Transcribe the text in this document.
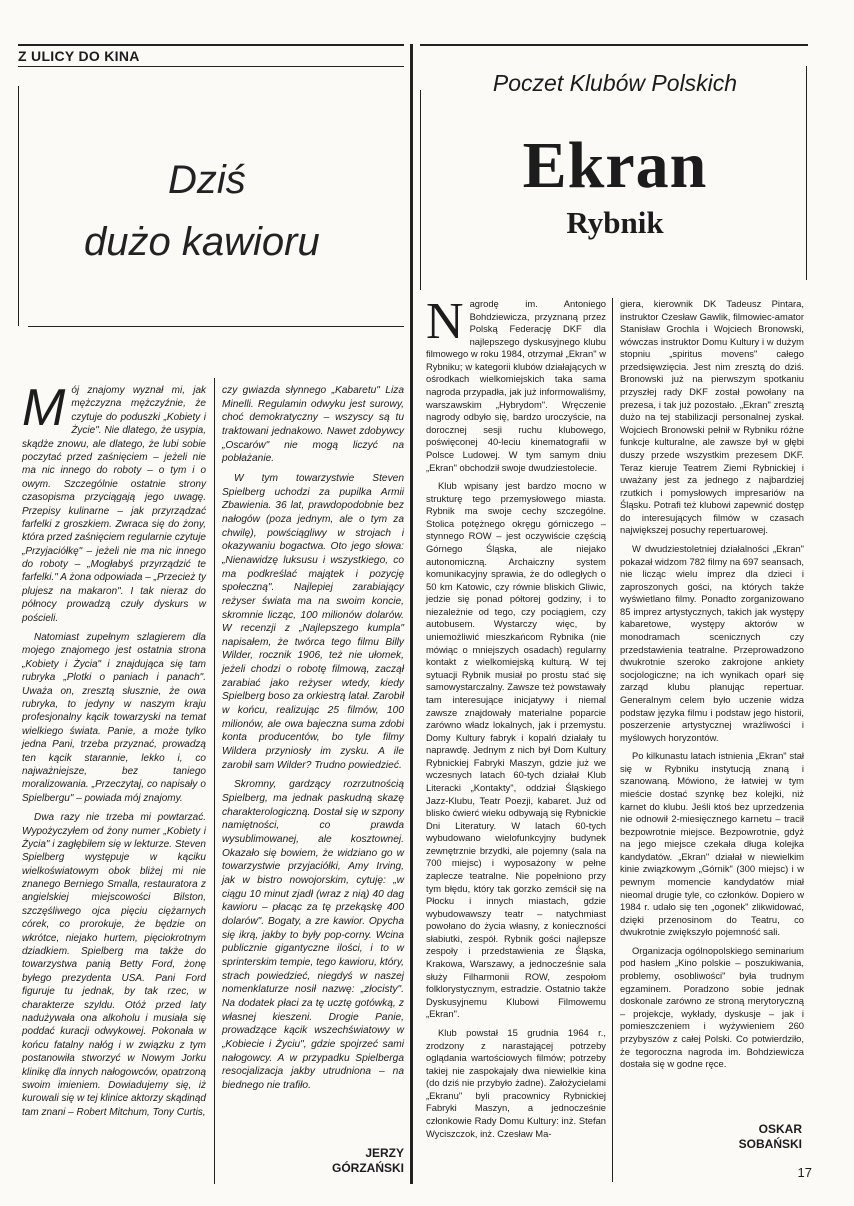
Z ULICY DO KINA
Dziś
dużo kawioru
Poczet Klubów Polskich
Ekran
Rybnik

Mój znajomy wyznał mi, jak mężczyzna mężczyźnie, że czytuje do poduszki „Kobiety i Życie". Nie dlatego, że usypia, skądże znowu, ale dlatego, że lubi sobie poczytać przed zaśnięciem – jeżeli nie ma nic innego do roboty – o tym i o owym. Szczególnie ostatnie strony czasopisma przyciągają jego uwagę. Przepisy kulinarne – jak przyrządzać farfelki z groszkiem. Zwraca się do żony, która przed zaśnięciem regularnie czytuje „Przyjaciółkę" – jeżeli nie ma nic innego do roboty – „Mogłabyś przyrządzić te farfelki." A żona odpowiada – „Przecież ty plujesz na makaron". I tak nieraz do północy prowadzą czuły dyskurs w pościeli.

Natomiast zupełnym szlagierem dla mojego znajomego jest ostatnia strona „Kobiety i Życia" i znajdująca się tam rubryka „Plotki o paniach i panach". Uważa on, zresztą słusznie, że owa rubryka, to jedyny w naszym kraju profesjonalny kącik towarzyski na temat wielkiego świata. Panie, a może tylko jedna Pani, trzeba przyznać, prowadzą ten kącik starannie, lekko i, co najważniejsze, bez taniego moralizowania. „Przeczytaj, co napisały o Spielbergu" – powiada mój znajomy.

Dwa razy nie trzeba mi powtarzać. Wypożyczyłem od żony numer „Kobiety i Życia" i zagłębiłem się w lekturze. Steven Spielberg występuje w kąciku wielkoświatowym obok bliżej mi nie znanego Berniego Smalla, restauratora z angielskiej miejscowości Bilston, szczęśliwego ojca pięciu ciężarnych córek, co prorokuje, że będzie on wkrótce, niejako hurtem, pięciokrotnym dziadkiem. Spielberg ma także do towarzystwa panią Betty Ford, żonę byłego prezydenta USA. Pani Ford figuruje tu jednak, by tak rzec, w charakterze szyldu. Otóż przed laty nadużywała ona alkoholu i musiała się poddać kuracji odwykowej. Pokonała w końcu fatalny nałóg i w związku z tym postanowiła stworzyć w Nowym Jorku klinikę dla innych nałogowców, opatrzoną swoim imieniem. Dowiadujemy się, iż kurowali się w tej klinice aktorzy skądinąd tam znani – Robert Mitchum, Tony Curtis,

czy gwiazda słynnego „Kabaretu" Liza Minelli. Regulamin odwyku jest surowy, choć demokratyczny – wszyscy są tu traktowani jednakowo. Nawet zdobywcy „Oscarów" nie mogą liczyć na pobłażanie.

W tym towarzystwie Steven Spielberg uchodzi za pupilka Armii Zbawienia. 36 lat, prawdopodobnie bez nałogów (poza jednym, ale o tym za chwilę), powściągliwy w strojach i okazywaniu bogactwa. Oto jego słowa: „Nienawidzę luksusu i wszystkiego, co ma podkreślać majątek i pozycję społeczną". Najlepiej zarabiający reżyser świata ma na swoim koncie, skromnie licząc, 100 milionów dolarów. W recenzji z „Najlepszego kumpla" napisałem, że twórca tego filmu Billy Wilder, rocznik 1906, też nie ułomek, jeżeli chodzi o robotę filmową, zaczął zarabiać jako reżyser wtedy, kiedy Spielberg boso za orkiestrą latał. Zarobił w końcu, realizując 25 filmów, 100 milionów, ale owa bajeczna suma zdobi konta producentów, bo tyle filmy Wildera przyniosły im zysku. A ile zarobił sam Wilder? Trudno powiedzieć.

Skromny, gardzący rozrzutnością Spielberg, ma jednak paskudną skazę charakterologiczną. Dostał się w szpony namiętności, co prawda wysublimowanej, ale kosztownej. Okazało się bowiem, że widziano go w towarzystwie przyjaciółki, Amy Irving, jak w bistro nowojorskim, cytuję: „w ciągu 10 minut zjadł (wraz z nią) 40 dag kawioru – płacąc za tę przekąskę 400 dolarów". Bogaty, a zre kawior. Opycha się ikrą, jakby to były pop-corny. Wcina publicznie gigantyczne ilości, i to w sprinterskim tempie, tego kawioru, który, strach powiedzieć, niegdyś w naszej nomenklaturze nosił nazwę: „złocisty". Na dodatek płaci za tę ucztę gotówką, z własnej kieszeni. Drogie Panie, prowadzące kącik wszechświatowy w „Kobiecie i Życiu", gdzie spojrzeć sami nałogowcy. A w przypadku Spielberga resocjalizacja jakby utrudniona – na biednego nie trafiło.

JERZY
GÓRZAŃSKI

Nagrodę im. Antoniego Bohdziewicza, przyznaną przez Polską Federację DKF dla najlepszego dyskusyjnego klubu filmowego w roku 1984, otrzymał „Ekran" w Rybniku; w kategorii klubów działających w ośrodkach wielkomiejskich taka sama nagroda przypadła, jak już informowaliśmy, warszawskim „Hybrydom". Wręczenie nagrody odbyło się, bardzo uroczyście, na dorocznej sesji ruchu klubowego, poświęconej 40-leciu kinematografii w Polsce Ludowej. W tym samym dniu „Ekran" obchodził swoje dwudziestolecie.

Klub wpisany jest bardzo mocno w strukturę tego przemysłowego miasta. Rybnik ma swoje cechy szczególne. Stolica potężnego okręgu górniczego – stynnego ROW – jest oczywiście częścią Górnego Śląska, ale niejako autonomiczną. Archaiczny system komunikacyjny sprawia, że do odległych o 50 km Katowic, czy równie bliskich Gliwic, jedzie się ponad półtorej godziny, i to niezależnie od tego, czy pociągiem, czy autobusem. Wystarczy więc, by uniemożliwić mieszkańcom Rybnika (nie mówiąc o mniejszych osadach) regularny kontakt z wielkomiejską kulturą. W tej sytuacji Rybnik musiał po prostu stać się samowystarczalny. Zawsze też powstawały tam interesujące inicjatywy i niemal zawsze znajdowały materialne poparcie zarówno władz lokalnych, jak i przemystu. Domy Kultury fabryk i kopalń działały tu naprawdę. Jednym z nich był Dom Kultury Rybnickiej Fabryki Maszyn, gdzie już we wczesnych latach 60-tych działał Klub Literacki „Kontakty", oddział Śląskiego Jazz-Klubu, Teatr Poezji, kabaret. Już od blisko ćwierć wieku odbywają się Rybnickie Dni Literatury. W latach 60-tych wybudowano wielofunkcyjny budynek zewnętrznie brzydki, ale pojemny (sala na 700 miejsc) i wyposażony w pełne zaplecze teatralne. Nie popełniono przy tym błędu, który tak gorzko zemścił się na Płocku i innych miastach, gdzie wybudowawszy teatr – natychmiast powołano do życia własny, z konieczności słabiutki, zespół. Rybnik gości najlepsze zespoły i przedstawienia ze Śląska, Krakowa, Warszawy, a jednocześnie sala służy Filharmonii ROW, zespołom folklorystycznym, estradzie. Ostatnio także Dyskusyjnemu Klubowi Filmowemu „Ekran".

Klub powstał 15 grudnia 1964 r., zrodzony z narastającej potrzeby oglądania wartościowych filmów; potrzeby takiej nie zaspokajały dwa niewielkie kina (do dziś nie przybyło żadne). Założycielami „Ekranu" byli pracownicy Rybnickiej Fabryki Maszyn, a jednocześnie członkowie Rady Domu Kultury: inż. Stefan Wyciszczok, inż. Czesław Ma-

giera, kierownik DK Tadeusz Pintara, instruktor Czesław Gawlik, filmowiec-amator Stanisław Grochla i Wojciech Bronowski, wówczas instruktor Domu Kultury i w dużym stopniu „spiritus movens" całego przedsięwzięcia. Jest nim zresztą do dziś. Bronowski już na pierwszym spotkaniu przyszłej rady DKF został powołany na prezesa, i tak już pozostało. „Ekran" zresztą dużo na tej stabilizacji personalnej zyskał. Wojciech Bronowski pełnił w Rybniku różne funkcje kulturalne, ale zawsze był w głębi duszy przede wszystkim prezesem DKF. Teraz kieruje Teatrem Ziemi Rybnickiej i uważany jest za jednego z najbardziej rzutkich i pomysłowych impresariów na Śląsku. Potrafi też klubowi zapewnić dostęp do interesujących filmów w czasach największej posuchy repertuarowej.

W dwudziestoletniej działalności „Ekran" pokazał widzom 782 filmy na 697 seansach, nie licząc wielu imprez dla dzieci i zaproszonych gości, na których także wyświetlano filmy. Ponadto zorganizowano 85 imprez artystycznych, takich jak występy kabaretowe, występy aktorów w monodramach scenicznych czy przedstawienia teatralne. Przeprowadzono dwukrotnie szeroko zakrojone ankiety socjologiczne; na ich wynikach oparł się zarząd klubu planując repertuar. Generalnym celem było uczenie widza podstaw języka filmu i podstaw jego historii, poszerzenie artystycznej wrażliwości i myślowych horyzontów.

Po kilkunastu latach istnienia „Ekran" stał się w Rybniku instytucją znaną i szanowaną. Mówiono, że łatwiej w tym mieście dostać szynkę bez kolejki, niż karnet do klubu. Jeśli ktoś bez uprzedzenia nie odnowił 2-miesięcznego karnetu – tracił bezpowrotnie miejsce. Bezpowrotnie, gdyż na jego miejsce czekała długa kolejka kandydatów. „Ekran" działał w niewielkim kinie związkowym „Górnik" (300 miejsc) i w pewnym momencie kandydatów miał nieomal drugie tyle, co członków. Dopiero w 1984 r. udało się ten „ogonek" zlikwidować, dzięki przenosinom do Teatru, co dwukrotnie zwiększyło pojemność sali.

Organizacja ogólnopolskiego seminarium pod hasłem „Kino polskie – poszukiwania, problemy, osobliwości" była trudnym egzaminem. Poradzono sobie jednak doskonale zarówno ze stroną merytoryczną – projekcje, wykłady, dyskusje – jak i pomieszczeniem i wyżywieniem 260 przybyszów z całej Polski. Co potwierdziło, że tegoroczna nagroda im. Bohdziewicza dostała się w godne ręce.

OSKAR
SOBAŃSKI
17
